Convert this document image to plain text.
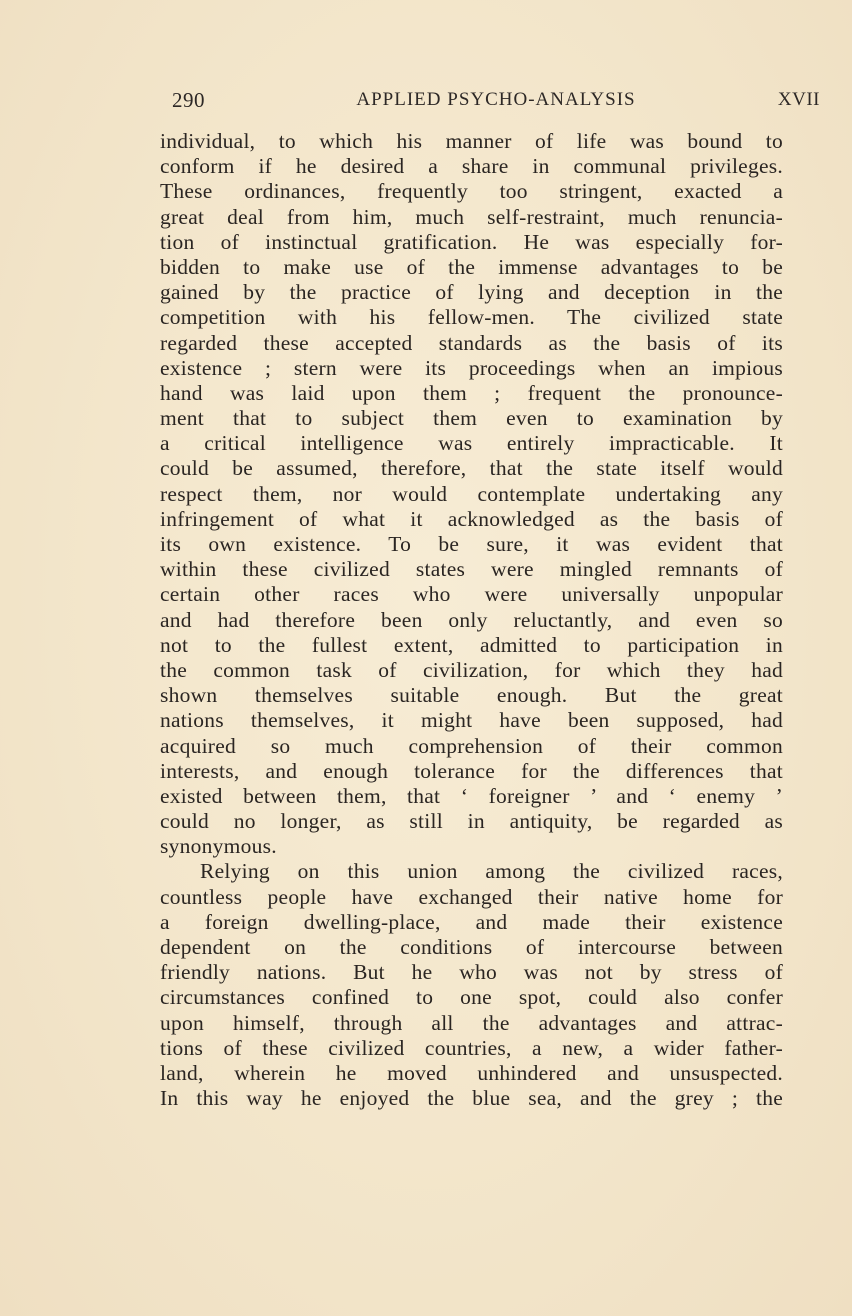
290	APPLIED PSYCHO-ANALYSIS	XVII
individual, to which his manner of life was bound to
conform if he desired a share in communal privileges.
These ordinances, frequently too stringent, exacted a
great deal from him, much self-restraint, much renuncia-
tion of instinctual gratification. He was especially for-
bidden to make use of the immense advantages to be
gained by the practice of lying and deception in the
competition with his fellow-men. The civilized state
regarded these accepted standards as the basis of its
existence ; stern were its proceedings when an impious
hand was laid upon them ; frequent the pronounce-
ment that to subject them even to examination by
a critical intelligence was entirely impracticable. It
could be assumed, therefore, that the state itself would
respect them, nor would contemplate undertaking any
infringement of what it acknowledged as the basis of
its own existence. To be sure, it was evident that
within these civilized states were mingled remnants of
certain other races who were universally unpopular
and had therefore been only reluctantly, and even so
not to the fullest extent, admitted to participation in
the common task of civilization, for which they had
shown themselves suitable enough. But the great
nations themselves, it might have been supposed, had
acquired so much comprehension of their common
interests, and enough tolerance for the differences that
existed between them, that ‘ foreigner ’ and ‘ enemy ’
could no longer, as still in antiquity, be regarded as
synonymous.
Relying on this union among the civilized races,
countless people have exchanged their native home for
a foreign dwelling-place, and made their existence
dependent on the conditions of intercourse between
friendly nations. But he who was not by stress of
circumstances confined to one spot, could also confer
upon himself, through all the advantages and attrac-
tions of these civilized countries, a new, a wider father-
land, wherein he moved unhindered and unsuspected.
In this way he enjoyed the blue sea, and the grey ; the
